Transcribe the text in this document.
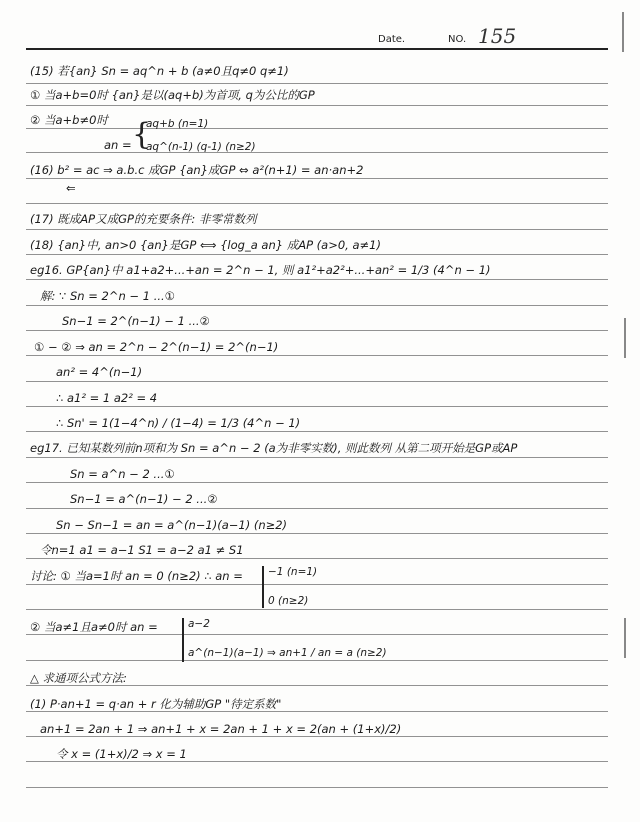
Date.	NO. 155
(15) 若{an} Sn = aq^n + b (a≠0且q≠0 q≠1)
① 当a+b=0时 {an}是以(aq+b)为首项, q为公比的GP
② 当a+b≠0时
an = {
aq+b (n=1)
aq^(n-1) (q-1) (n≥2)
(16) b² = ac ⇒ a.b.c 成GP {an}成GP ⇔ a²(n+1) = an·an+2
⇐
(17) 既成AP又成GP的充要条件: 非零常数列
(18) {an}中, an>0 {an}是GP ⟺ {log_a an} 成AP (a>0, a≠1)
eg16. GP{an}中 a1+a2+...+an = 2^n − 1, 则 a1²+a2²+...+an² = 1/3 (4^n − 1)
解: ∵ Sn = 2^n − 1 ...①
Sn−1 = 2^(n−1) − 1 ...②
① − ② ⇒ an = 2^n − 2^(n−1) = 2^(n−1)
an² = 4^(n−1)
∴ a1² = 1 a2² = 4
∴ Sn' = 1(1−4^n) / (1−4) = 1/3 (4^n − 1)
eg17. 已知某数列前n项和为 Sn = a^n − 2 (a为非零实数), 则此数列 从第二项开始是GP或AP
Sn = a^n − 2 ...①
Sn−1 = a^(n−1) − 2 ...②
Sn − Sn−1 = an = a^(n−1)(a−1) (n≥2)
令n=1 a1 = a−1 S1 = a−2 a1 ≠ S1
讨论: ① 当a=1时 an = 0 (n≥2) ∴ an = −1 (n=1)
0 (n≥2)
② 当a≠1且a≠0时 an =	a−2
a^(n−1)(a−1) ⇒ an+1 / an = a (n≥2)
△ 求通项公式方法:
(1) P·an+1 = q·an + r 化为辅助GP "待定系数"
an+1 = 2an + 1 ⇒ an+1 + x = 2an + 1 + x = 2(an + (1+x)/2)
令 x = (1+x)/2 ⇒ x = 1
